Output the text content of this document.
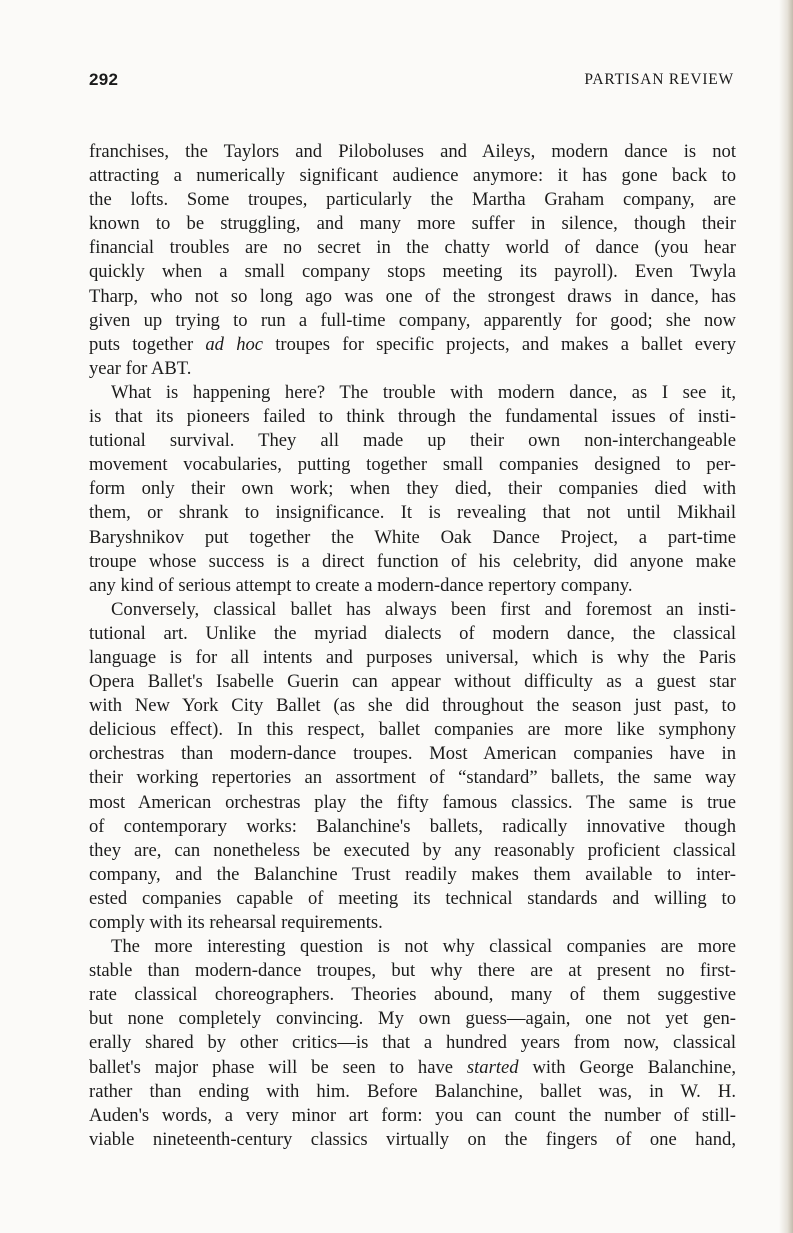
292	PARTISAN REVIEW
franchises, the Taylors and Piloboluses and Aileys, modern dance is not
attracting a numerically significant audience anymore: it has gone back to
the lofts. Some troupes, particularly the Martha Graham company, are
known to be struggling, and many more suffer in silence, though their
financial troubles are no secret in the chatty world of dance (you hear
quickly when a small company stops meeting its payroll). Even Twyla
Tharp, who not so long ago was one of the strongest draws in dance, has
given up trying to run a full-time company, apparently for good; she now
puts together ad hoc troupes for specific projects, and makes a ballet every
year for ABT.
What is happening here? The trouble with modern dance, as I see it,
is that its pioneers failed to think through the fundamental issues of insti-
tutional survival. They all made up their own non-interchangeable
movement vocabularies, putting together small companies designed to per-
form only their own work; when they died, their companies died with
them, or shrank to insignificance. It is revealing that not until Mikhail
Baryshnikov put together the White Oak Dance Project, a part-time
troupe whose success is a direct function of his celebrity, did anyone make
any kind of serious attempt to create a modern-dance repertory company.
Conversely, classical ballet has always been first and foremost an insti-
tutional art. Unlike the myriad dialects of modern dance, the classical
language is for all intents and purposes universal, which is why the Paris
Opera Ballet's Isabelle Guerin can appear without difficulty as a guest star
with New York City Ballet (as she did throughout the season just past, to
delicious effect). In this respect, ballet companies are more like symphony
orchestras than modern-dance troupes. Most American companies have in
their working repertories an assortment of “standard” ballets, the same way
most American orchestras play the fifty famous classics. The same is true
of contemporary works: Balanchine's ballets, radically innovative though
they are, can nonetheless be executed by any reasonably proficient classical
company, and the Balanchine Trust readily makes them available to inter-
ested companies capable of meeting its technical standards and willing to
comply with its rehearsal requirements.
The more interesting question is not why classical companies are more
stable than modern-dance troupes, but why there are at present no first-
rate classical choreographers. Theories abound, many of them suggestive
but none completely convincing. My own guess—again, one not yet gen-
erally shared by other critics—is that a hundred years from now, classical
ballet's major phase will be seen to have started with George Balanchine,
rather than ending with him. Before Balanchine, ballet was, in W. H.
Auden's words, a very minor art form: you can count the number of still-
viable nineteenth-century classics virtually on the fingers of one hand,
